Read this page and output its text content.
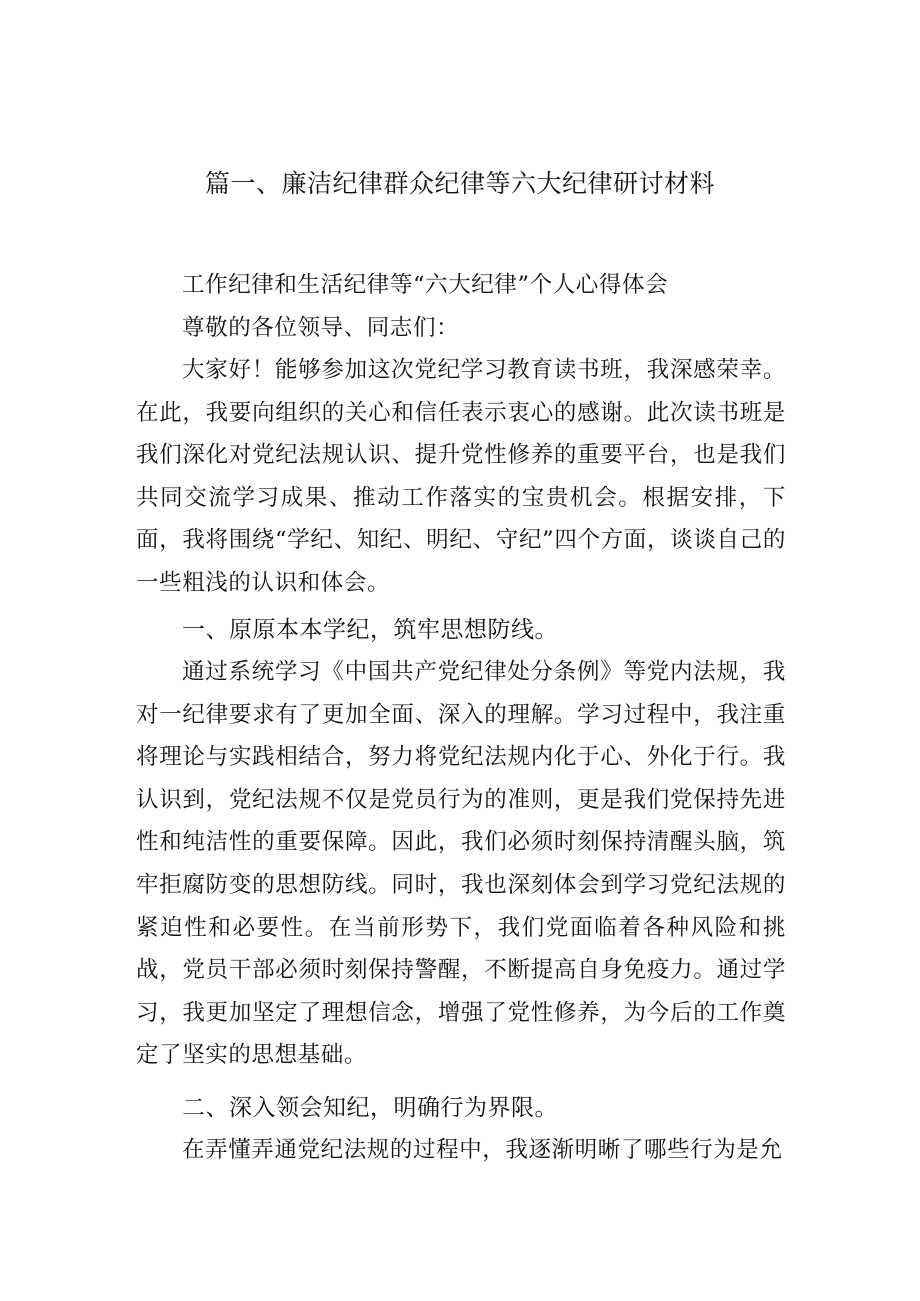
篇一、廉洁纪律群众纪律等六大纪律研讨材料
工作纪律和生活纪律等“六大纪律”个人心得体会
尊敬的各位领导、同志们：
大家好！能够参加这次党纪学习教育读书班，我深感荣幸。在此，我要向组织的关心和信任表示衷心的感谢。此次读书班是我们深化对党纪法规认识、提升党性修养的重要平台，也是我们共同交流学习成果、推动工作落实的宝贵机会。根据安排，下面，我将围绕“学纪、知纪、明纪、守纪”四个方面，谈谈自己的一些粗浅的认识和体会。
一、原原本本学纪，筑牢思想防线。
通过系统学习《中国共产党纪律处分条例》等党内法规，我对一纪律要求有了更加全面、深入的理解。学习过程中，我注重将理论与实践相结合，努力将党纪法规内化于心、外化于行。我认识到，党纪法规不仅是党员行为的准则，更是我们党保持先进性和纯洁性的重要保障。因此，我们必须时刻保持清醒头脑，筑牢拒腐防变的思想防线。同时，我也深刻体会到学习党纪法规的紧迫性和必要性。在当前形势下，我们党面临着各种风险和挑战，党员干部必须时刻保持警醒，不断提高自身免疫力。通过学习，我更加坚定了理想信念，增强了党性修养，为今后的工作奠定了坚实的思想基础。
二、深入领会知纪，明确行为界限。
在弄懂弄通党纪法规的过程中，我逐渐明晰了哪些行为是允
